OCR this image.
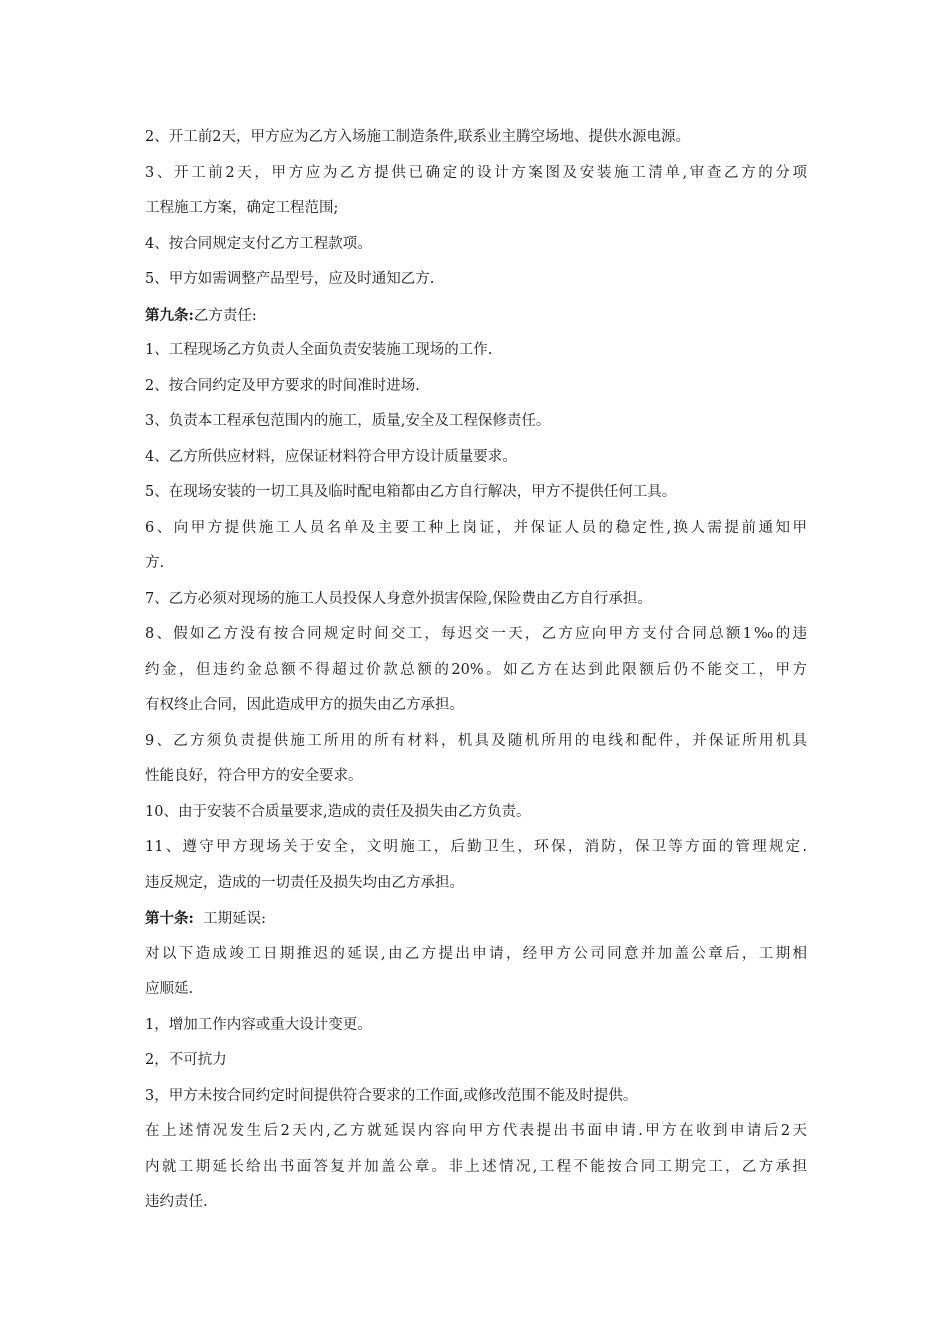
2、开工前2天，甲方应为乙方入场施工制造条件,联系业主腾空场地、提供水源电源。
3、开工前2天，甲方应为乙方提供已确定的设计方案图及安装施工清单,审查乙方的分项
工程施工方案，确定工程范围;
4、按合同规定支付乙方工程款项。
5、甲方如需调整产品型号，应及时通知乙方.
第九条:乙方责任:
1、工程现场乙方负责人全面负责安装施工现场的工作.
2、按合同约定及甲方要求的时间准时进场.
3、负责本工程承包范围内的施工，质量,安全及工程保修责任。
4、乙方所供应材料，应保证材料符合甲方设计质量要求。
5、在现场安装的一切工具及临时配电箱都由乙方自行解决，甲方不提供任何工具。
6、向甲方提供施工人员名单及主要工种上岗证，并保证人员的稳定性,换人需提前通知甲
方.
7、乙方必须对现场的施工人员投保人身意外损害保险,保险费由乙方自行承担。
8、假如乙方没有按合同规定时间交工，每迟交一天，乙方应向甲方支付合同总额1‰的违
约金，但违约金总额不得超过价款总额的20%。如乙方在达到此限额后仍不能交工，甲方
有权终止合同，因此造成甲方的损失由乙方承担。
9、乙方须负责提供施工所用的所有材料，机具及随机所用的电线和配件，并保证所用机具
性能良好，符合甲方的安全要求。
10、由于安装不合质量要求,造成的责任及损失由乙方负责。
11、遵守甲方现场关于安全，文明施工，后勤卫生，环保，消防，保卫等方面的管理规定.
违反规定，造成的一切责任及损失均由乙方承担。
第十条:  工期延误:
对以下造成竣工日期推迟的延误,由乙方提出申请，经甲方公司同意并加盖公章后，工期相
应顺延.
1，增加工作内容或重大设计变更。
2，不可抗力
3，甲方未按合同约定时间提供符合要求的工作面,或修改范围不能及时提供。
在上述情况发生后2天内,乙方就延误内容向甲方代表提出书面申请.甲方在收到申请后2天
内就工期延长给出书面答复并加盖公章。非上述情况,工程不能按合同工期完工，乙方承担
违约责任.
